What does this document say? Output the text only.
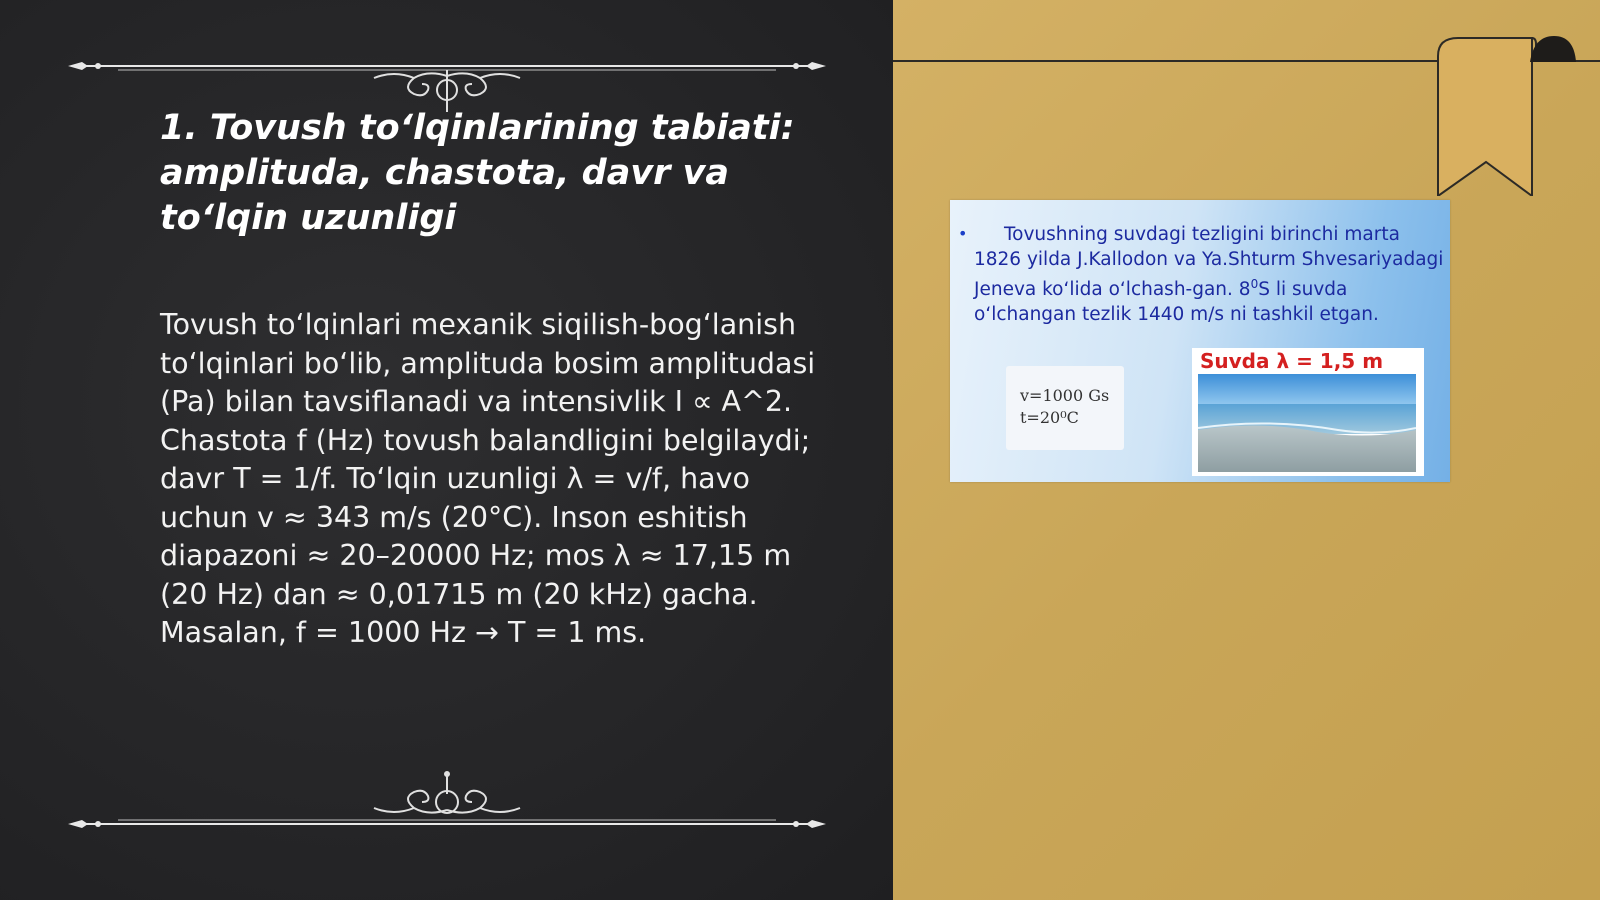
1. Tovush to‘lqinlarining tabiati: amplituda, chastota, davr va to‘lqin uzunligi
Tovush to‘lqinlari mexanik siqilish-bog‘lanish to‘lqinlari bo‘lib, amplituda bosim amplitudasi (Pa) bilan tavsiflanadi va intensivlik I ∝ A^2. Chastota f (Hz) tovush balandligini belgilaydi; davr T = 1/f. To‘lqin uzunligi λ = v/f, havo uchun v ≈ 343 m/s (20°C). Inson eshitish diapazoni ≈ 20–20000 Hz; mos λ ≈ 17,15 m (20 Hz) dan ≈ 0,01715 m (20 kHz) gacha. Masalan, f = 1000 Hz → T = 1 ms.
•	Tovushning suvdagi tezligini birinchi marta 1826 yilda J.Kallodon va Ya.Shturm Shvesariyadagi Jeneva ko‘lida o‘lchash-gan. $8^0S$ li suvda o‘lchangan tezlik 1440 m/s ni tashkil etgan.
v=1000 Gs
t=20⁰C
Suvda λ = 1,5 m
